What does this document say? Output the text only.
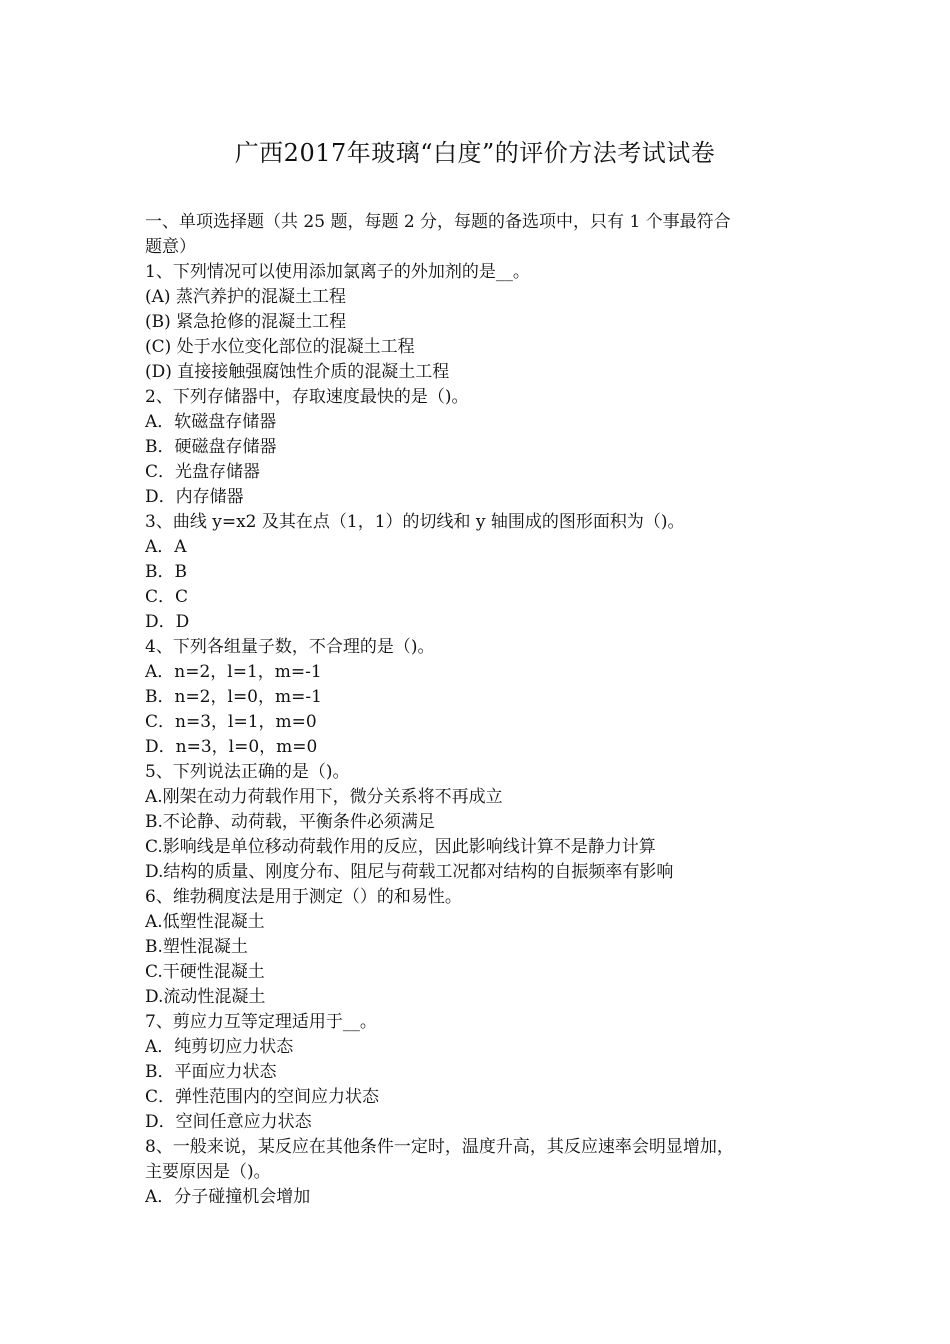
广西2017年玻璃“白度”的评价方法考试试卷
一、单项选择题（共 25 题，每题 2 分，每题的备选项中，只有 1 个事最符合
题意）
1、下列情况可以使用添加氯离子的外加剂的是__。
(A) 蒸汽养护的混凝土工程
(B) 紧急抢修的混凝土工程
(C) 处于水位变化部位的混凝土工程
(D) 直接接触强腐蚀性介质的混凝土工程
2、下列存储器中，存取速度最快的是（)。
A．软磁盘存储器
B．硬磁盘存储器
C．光盘存储器
D．内存储器
3、曲线 y=x2 及其在点（1，1）的切线和 y 轴围成的图形面积为（)。
A．A
B．B
C．C
D．D
4、下列各组量子数，不合理的是（)。
A．n=2，l=1，m=-1
B．n=2，l=0，m=-1
C．n=3，l=1，m=0
D．n=3，l=0，m=0
5、下列说法正确的是（)。
A.刚架在动力荷载作用下，微分关系将不再成立
B.不论静、动荷载，平衡条件必须满足
C.影响线是单位移动荷载作用的反应，因此影响线计算不是静力计算
D.结构的质量、刚度分布、阻尼与荷载工况都对结构的自振频率有影响
6、维勃稠度法是用于测定（）的和易性。
A.低塑性混凝土
B.塑性混凝土
C.干硬性混凝土
D.流动性混凝土
7、剪应力互等定理适用于__。
A．纯剪切应力状态
B．平面应力状态
C．弹性范围内的空间应力状态
D．空间任意应力状态
8、一般来说，某反应在其他条件一定时，温度升高，其反应速率会明显增加，
主要原因是（)。
A．分子碰撞机会增加
